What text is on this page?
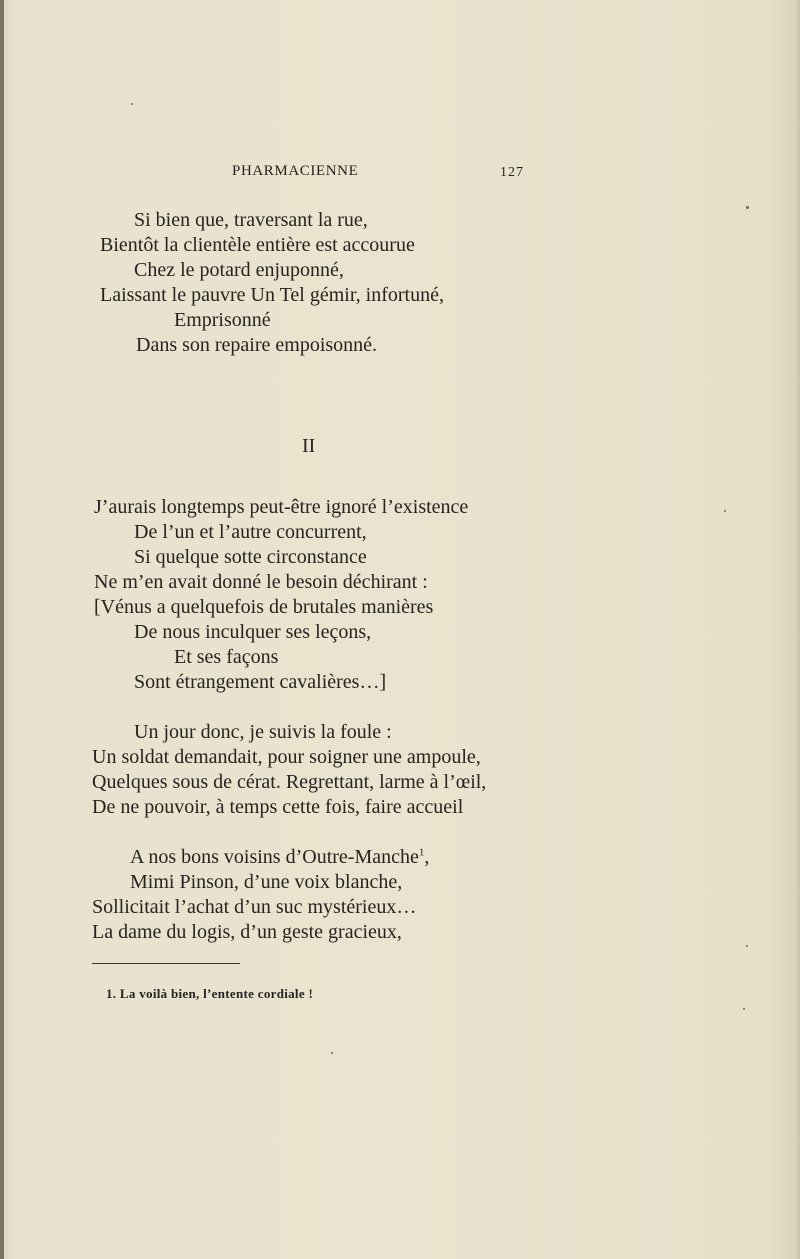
PHARMACIENNE	127
Si bien que, traversant la rue,
Bientôt la clientèle entière est accourue
Chez le potard enjuponné,
Laissant le pauvre Un Tel gémir, infortuné,
Emprisonné
Dans son repaire empoisonné.
II
J’aurais longtemps peut-être ignoré l’existence
De l’un et l’autre concurrent,
Si quelque sotte circonstance
Ne m’en avait donné le besoin déchirant :
[Vénus a quelquefois de brutales manières
De nous inculquer ses leçons,
Et ses façons
Sont étrangement cavalières…]
Un jour donc, je suivis la foule :
Un soldat demandait, pour soigner une ampoule,
Quelques sous de cérat. Regrettant, larme à l’œil,
De ne pouvoir, à temps cette fois, faire accueil
A nos bons voisins d’Outre-Manche$^1$,
Mimi Pinson, d’une voix blanche,
Sollicitait l’achat d’un suc mystérieux…
La dame du logis, d’un geste gracieux,
1. La voilà bien, l’entente cordiale !
